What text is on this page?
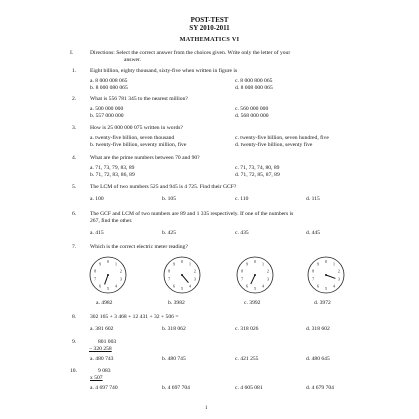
POST-TEST
SY 2010-2011
MATHEMATICS VI
I.	Directions: Select the correct answer from the choices given. Write only the letter of your
answer.
1. Eight billion, eighty thousand, sixty-five when written in figure is
a. 8 000 008 065	c. 8 000 800 065
b. 8 000 080 065	d. 8 008 000 065
2. What is 556 781 345 to the nearest million?
a. 500 000 000	c. 560 000 000
b. 557 000 000	d. 568 000 000
3. How is 25 000 000 075 written in words?
a. twenty-five billion, seven thousand	c. twenty-five billion, seven hundred, five
b. twenty-five billion, seventy million, five	d. twenty-five billion, seventy five
4. What are the prime numbers between 70 and 90?
a. 71, 73, 79, 83, 89	c. 71, 73, 74, 80, 89
b. 71, 72, 83, 86, 89	d. 71, 72, 85, 87, 89
5. The LCM of two numbers 525 and 945 is 4 725. Find their GCF?
a. 100	b. 105	c. 110	d. 115
6. The GCF and LCM of two numbers are 89 and 1 335 respectively. If one of the numbers is
267, find the other.
a. 415	b. 425	c. 435	d. 445
7. Which is the correct electric meter reading?
0
1
2
3
4
5
6
7
8
9
0
1
2
3
4
5
6
7
8
9
0
1
2
3
4
5
6
7
8
9
0
1
2
3
4
5
6
7
8
9
a. 4982	b. 3982	c. 3992	d. 3972
8. 302 165 + 3 468 + 12 431 + 32 + 506 =
a. 381 602	b. 318 062	c. 318 026	d. 318 602
9.	801 003
− 320 258
a. 480 743	b. 480 745	c. 421 255	d. 480 645
10.	9 083
x 507
a. 4 697 740	b. 4 697 704	c. 4 605 081	d. 4 679 704
1
